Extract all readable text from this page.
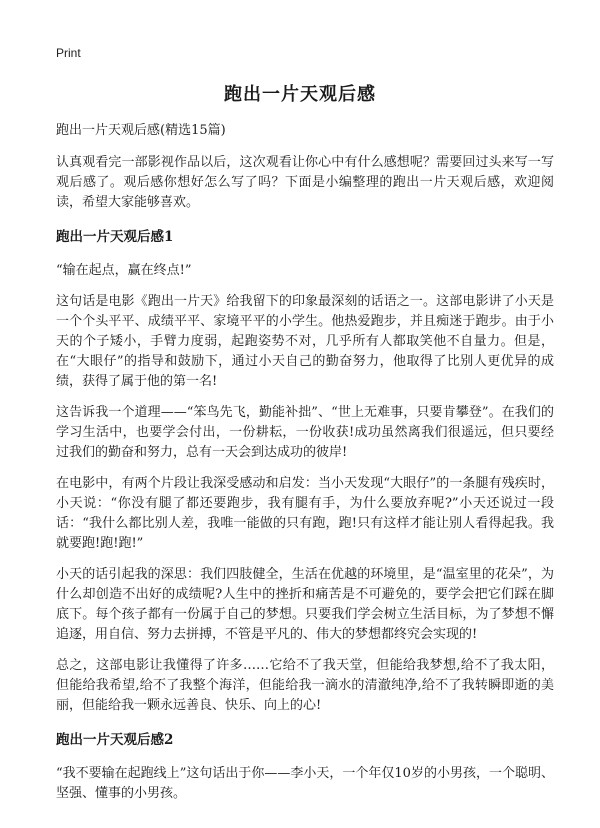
Print
跑出一片天观后感
跑出一片天观后感(精选15篇)

认真观看完一部影视作品以后，这次观看让你心中有什么感想呢？需要回过头来写一写观后感了。观后感你想好怎么写了吗？下面是小编整理的跑出一片天观后感，欢迎阅读，希望大家能够喜欢。

跑出一片天观后感1

“输在起点，赢在终点!”

这句话是电影《跑出一片天》给我留下的印象最深刻的话语之一。这部电影讲了小天是一个个头平平、成绩平平、家境平平的小学生。他热爱跑步，并且痴迷于跑步。由于小天的个子矮小，手臂力度弱，起跑姿势不对，几乎所有人都取笑他不自量力。但是，在“大眼仔”的指导和鼓励下，通过小天自己的勤奋努力，他取得了比别人更优异的成绩，获得了属于他的第一名!

这告诉我一个道理——“笨鸟先飞，勤能补拙”、“世上无难事，只要肯攀登”。在我们的学习生活中，也要学会付出，一份耕耘，一份收获!成功虽然离我们很遥远，但只要经过我们的勤奋和努力，总有一天会到达成功的彼岸!

在电影中，有两个片段让我深受感动和启发：当小天发现“大眼仔”的一条腿有残疾时，小天说：“你没有腿了都还要跑步，我有腿有手，为什么要放弃呢?”小天还说过一段话：“我什么都比别人差，我唯一能做的只有跑，跑!只有这样才能让别人看得起我。我就要跑!跑!跑!”

小天的话引起我的深思：我们四肢健全，生活在优越的环境里，是“温室里的花朵”，为什么却创造不出好的成绩呢?人生中的挫折和痛苦是不可避免的，要学会把它们踩在脚底下。每个孩子都有一份属于自己的梦想。只要我们学会树立生活目标，为了梦想不懈追逐，用自信、努力去拼搏，不管是平凡的、伟大的梦想都终究会实现的!

总之，这部电影让我懂得了许多……它给不了我天堂，但能给我梦想,给不了我太阳，但能给我希望,给不了我整个海洋，但能给我一滴水的清澈纯净,给不了我转瞬即逝的美丽，但能给我一颗永远善良、快乐、向上的心!

跑出一片天观后感2

“我不要输在起跑线上”这句话出于你——李小天，一个年仅10岁的小男孩，一个聪明、坚强、懂事的小男孩。
